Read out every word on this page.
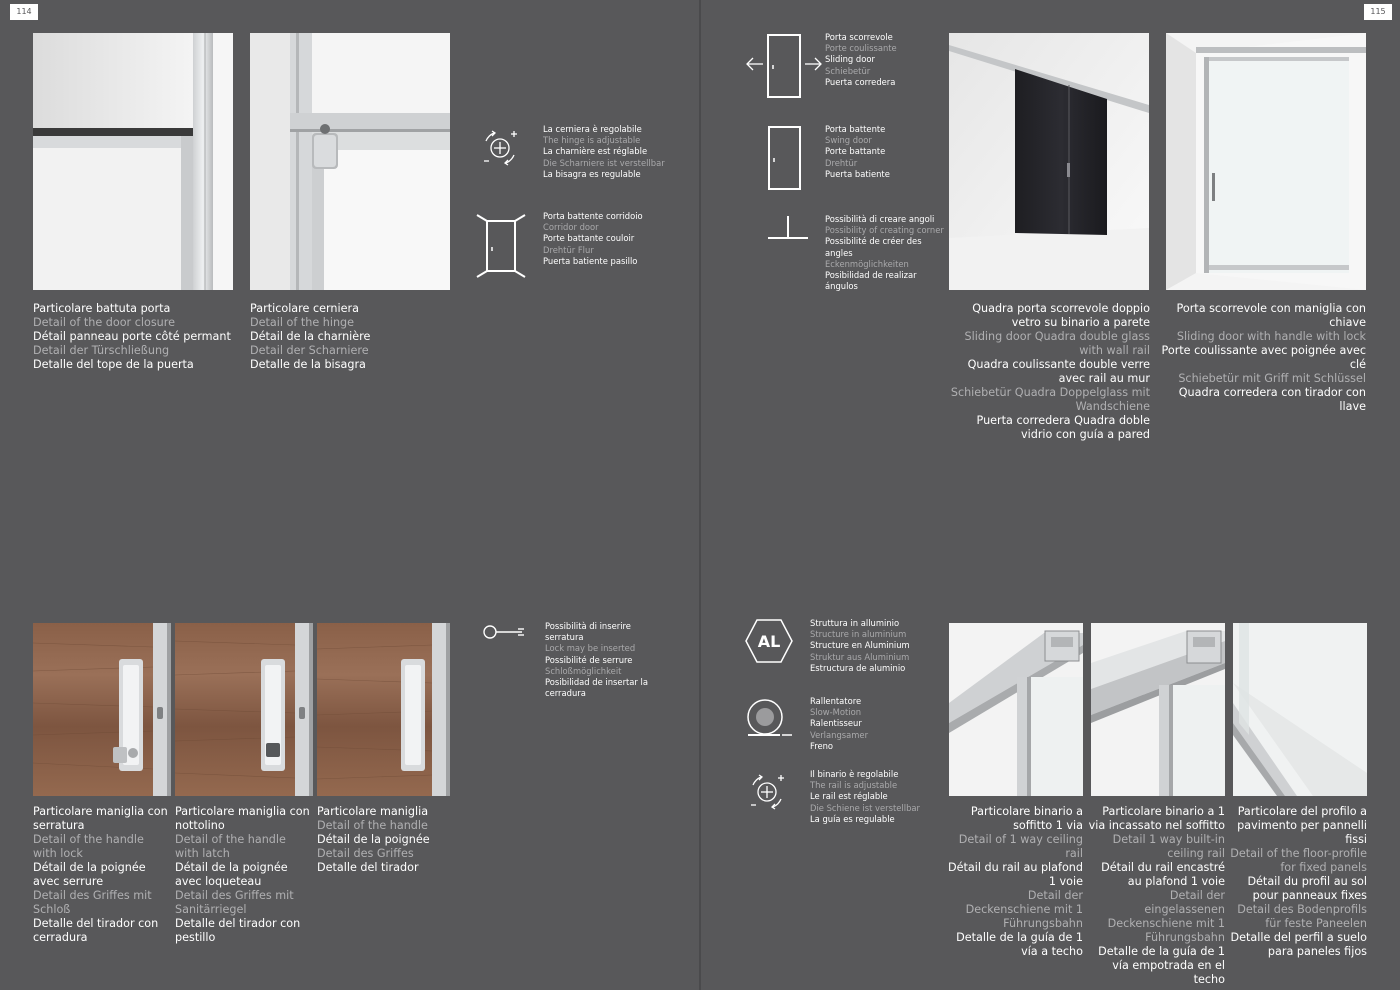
114	115
Particolare battuta porta
Detail of the door closure
Détail panneau porte côté permant
Detail der Türschließung
Detalle del tope de la puerta
Particolare cerniera
Detail of the hinge
Détail de la charnière
Detail der Scharniere
Detalle de la bisagra
La cerniera è regolabile
The hinge is adjustable
La charnière est réglable
Die Scharniere ist verstellbar
La bisagra es regulable
Porta battente corridoio
Corridor door
Porte battante couloir
Drehtür Flur
Puerta batiente pasillo
Porta scorrevole
Porte coulissante
Sliding door
Schiebetür
Puerta corredera
Porta battente
Swing door
Porte battante
Drehtür
Puerta batiente
Possibilità di creare angoli
Possibility of creating corner
Possibilité de créer des angles
Eckenmöglichkeiten
Posibilidad de realizar ángulos
Quadra porta scorrevole doppio vetro su binario a parete
Sliding door Quadra double glass with wall rail
Quadra coulissante double verre avec rail au mur
Schiebetür Quadra Doppelglass mit Wandschiene
Puerta corredera Quadra doble vidrio con guía a pared
Porta scorrevole con maniglia con chiave
Sliding door with handle with lock
Porte coulissante avec poignée avec clé
Schiebetür mit Griff mit Schlüssel
Quadra corredera con tirador con llave
Particolare maniglia con serratura
Detail of the handle with lock
Détail de la poignée avec serrure
Detail des Griffes mit Schloß
Detalle del tirador con cerradura
Particolare maniglia con nottolino
Detail of the handle with latch
Détail de la poignée avec loqueteau
Detail des Griffes mit Sanitärriegel
Detalle del tirador con pestillo
Particolare maniglia
Detail of the handle
Détail de la poignée
Detail des Griffes
Detalle del tirador
Possibilità di inserire serratura
Lock may be inserted
Possibilité de serrure
Schloßmöglichkeit
Posibilidad de insertar la cerradura
AL
Struttura in alluminio
Structure in aluminium
Structure en Aluminium
Struktur aus Aluminium
Estructura de aluminio
Rallentatore
Slow-Motion
Ralentisseur
Verlangsamer
Freno
Il binario è regolabile
The rail is adjustable
Le rail est réglable
Die Schiene ist verstellbar
La guía es regulable
Particolare binario a soffitto 1 via
Detail of 1 way ceiling rail
Détail du rail au plafond 1 voie
Detail der Deckenschiene mit 1 Führungsbahn
Detalle de la guía de 1 vía a techo
Particolare binario a 1 via incassato nel soffitto
Detail 1 way built-in ceiling rail
Détail du rail encastré au plafond 1 voie
Detail der eingelassenen Deckenschiene mit 1 Führungsbahn
Detalle de la guía de 1 vía empotrada en el techo
Particolare del profilo a pavimento per pannelli fissi
Detail of the floor-profile for fixed panels
Détail du profil au sol pour panneaux fixes
Detail des Bodenprofils für feste Paneelen
Detalle del perfil a suelo para paneles fijos
